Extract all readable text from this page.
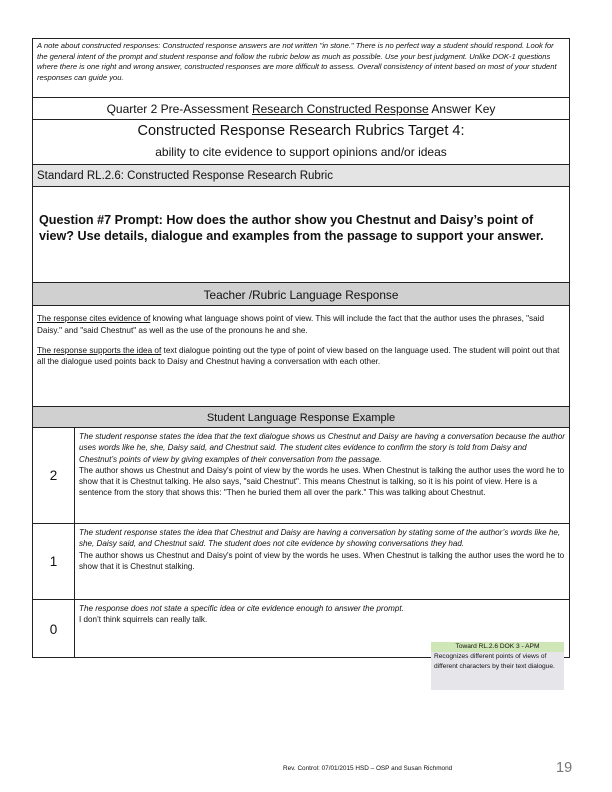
A note about constructed responses: Constructed response answers are not written "in stone." There is no perfect way a student should respond. Look for the general intent of the prompt and student response and follow the rubric below as much as possible. Use your best judgment. Unlike DOK-1 questions where there is one right and wrong answer, constructed responses are more difficult to assess. Overall consistency of intent based on most of your student responses can guide you.
Quarter 2 Pre-Assessment Research Constructed Response Answer Key
Constructed Response Research Rubrics Target 4:
ability to cite evidence to support opinions and/or ideas
Standard RL.2.6: Constructed Response Research Rubric
Question #7 Prompt: How does the author show you Chestnut and Daisy’s point of view? Use details, dialogue and examples from the passage to support your answer.
Teacher /Rubric Language Response

The response cites evidence of knowing what language shows point of view. This will include the fact that the author uses the phrases, "said Daisy." and "said Chestnut" as well as the use of the pronouns he and she.

The response supports the idea of text dialogue pointing out the type of point of view based on the language used. The student will point out that all the dialogue used points back to Daisy and Chestnut having a conversation with each other.

Student Language Response Example
2
The student response states the idea that the text dialogue shows us Chestnut and Daisy are having a conversation because the author uses words like he, she, Daisy said, and Chestnut said. The student cites evidence to confirm the story is told from Daisy and Chestnut’s points of view by giving examples of their conversation from the passage.
The author shows us Chestnut and Daisy's point of view by the words he uses. When Chestnut is talking the author uses the word he to show that it is Chestnut talking. He also says, "said Chestnut". This means Chestnut is talking, so it is his point of view. Here is a sentence from the story that shows this: "Then he buried them all over the park." This was talking about Chestnut.
1
The student response states the idea that Chestnut and Daisy are having a conversation by stating some of the author’s words like he, she, Daisy said, and Chestnut said. The student does not cite evidence by showing conversations they had.
The author shows us Chestnut and Daisy's point of view by the words he uses. When Chestnut is talking the author uses the word he to show that it is Chestnut stalking.
0
The response does not state a specific idea or cite evidence enough to answer the prompt.
I don’t think squirrels can really talk.
Toward RL.2.6 DOK 3 - APM
Recognizes different points of views of different characters by their text dialogue.
Rev. Control: 07/01/2015 HSD – OSP and Susan Richmond	19
